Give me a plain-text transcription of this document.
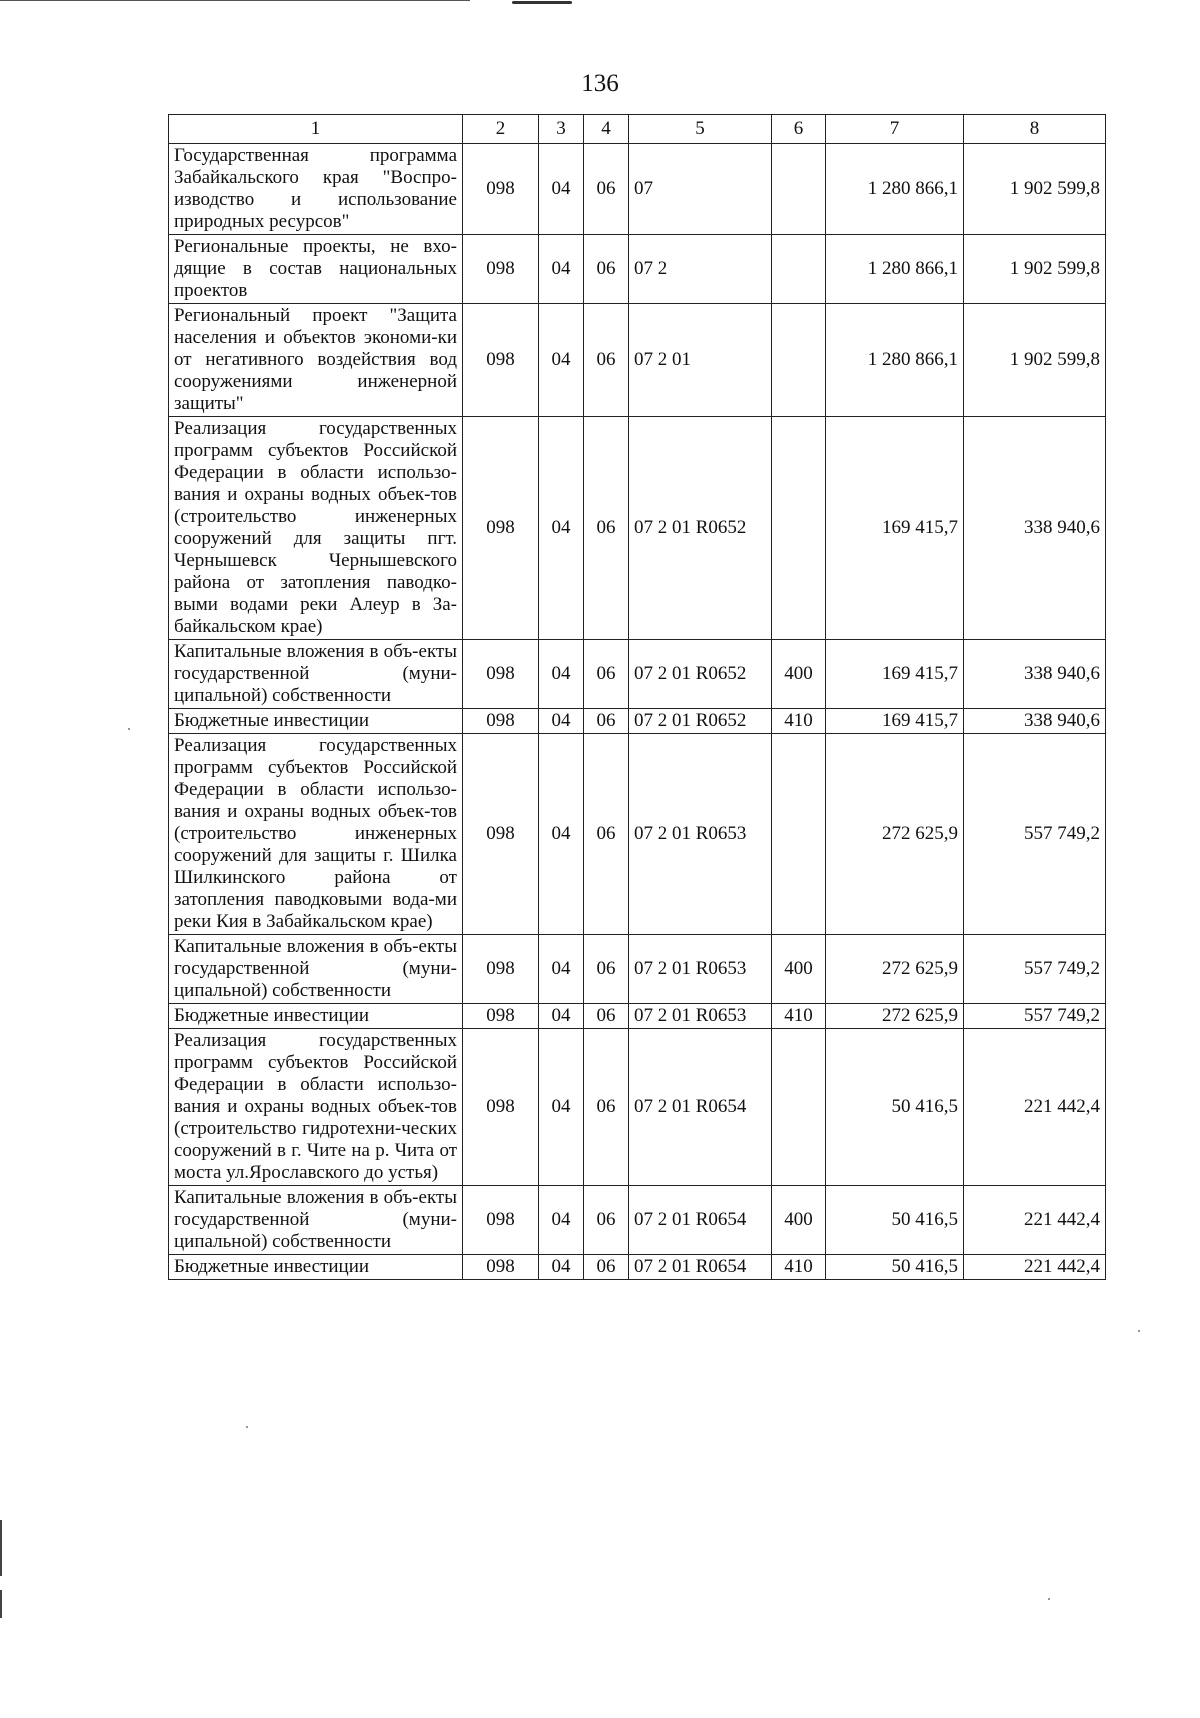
136
1	2	3	4	5	6	7	8
Государственная программа Забайкальского края "Воспро-изводство и использование природных ресурсов"	098	04	06	07		1 280 866,1	1 902 599,8
Региональные проекты, не вхо-дящие в состав национальных проектов	098	04	06	07 2		1 280 866,1	1 902 599,8
Региональный проект "Защита населения и объектов экономи-ки от негативного воздействия вод сооружениями инженерной защиты"	098	04	06	07 2 01		1 280 866,1	1 902 599,8
Реализация государственных программ субъектов Российской Федерации в области использо-вания и охраны водных объек-тов (строительство инженерных сооружений для защиты пгт. Чернышевск Чернышевского района от затопления паводко-выми водами реки Алеур в За-байкальском крае)	098	04	06	07 2 01 R0652		169 415,7	338 940,6
Капитальные вложения в объ-екты государственной (муни-ципальной) собственности	098	04	06	07 2 01 R0652	400	169 415,7	338 940,6
Бюджетные инвестиции	098	04	06	07 2 01 R0652	410	169 415,7	338 940,6
Реализация государственных программ субъектов Российской Федерации в области использо-вания и охраны водных объек-тов (строительство инженерных сооружений для защиты г. Шилка Шилкинского района от затопления паводковыми вода-ми реки Кия в Забайкальском крае)	098	04	06	07 2 01 R0653		272 625,9	557 749,2
Капитальные вложения в объ-екты государственной (муни-ципальной) собственности	098	04	06	07 2 01 R0653	400	272 625,9	557 749,2
Бюджетные инвестиции	098	04	06	07 2 01 R0653	410	272 625,9	557 749,2
Реализация государственных программ субъектов Российской Федерации в области использо-вания и охраны водных объек-тов (строительство гидротехни-ческих сооружений в г. Чите на р. Чита от моста ул.Ярославского до устья)	098	04	06	07 2 01 R0654		50 416,5	221 442,4
Капитальные вложения в объ-екты государственной (муни-ципальной) собственности	098	04	06	07 2 01 R0654	400	50 416,5	221 442,4
Бюджетные инвестиции	098	04	06	07 2 01 R0654	410	50 416,5	221 442,4
